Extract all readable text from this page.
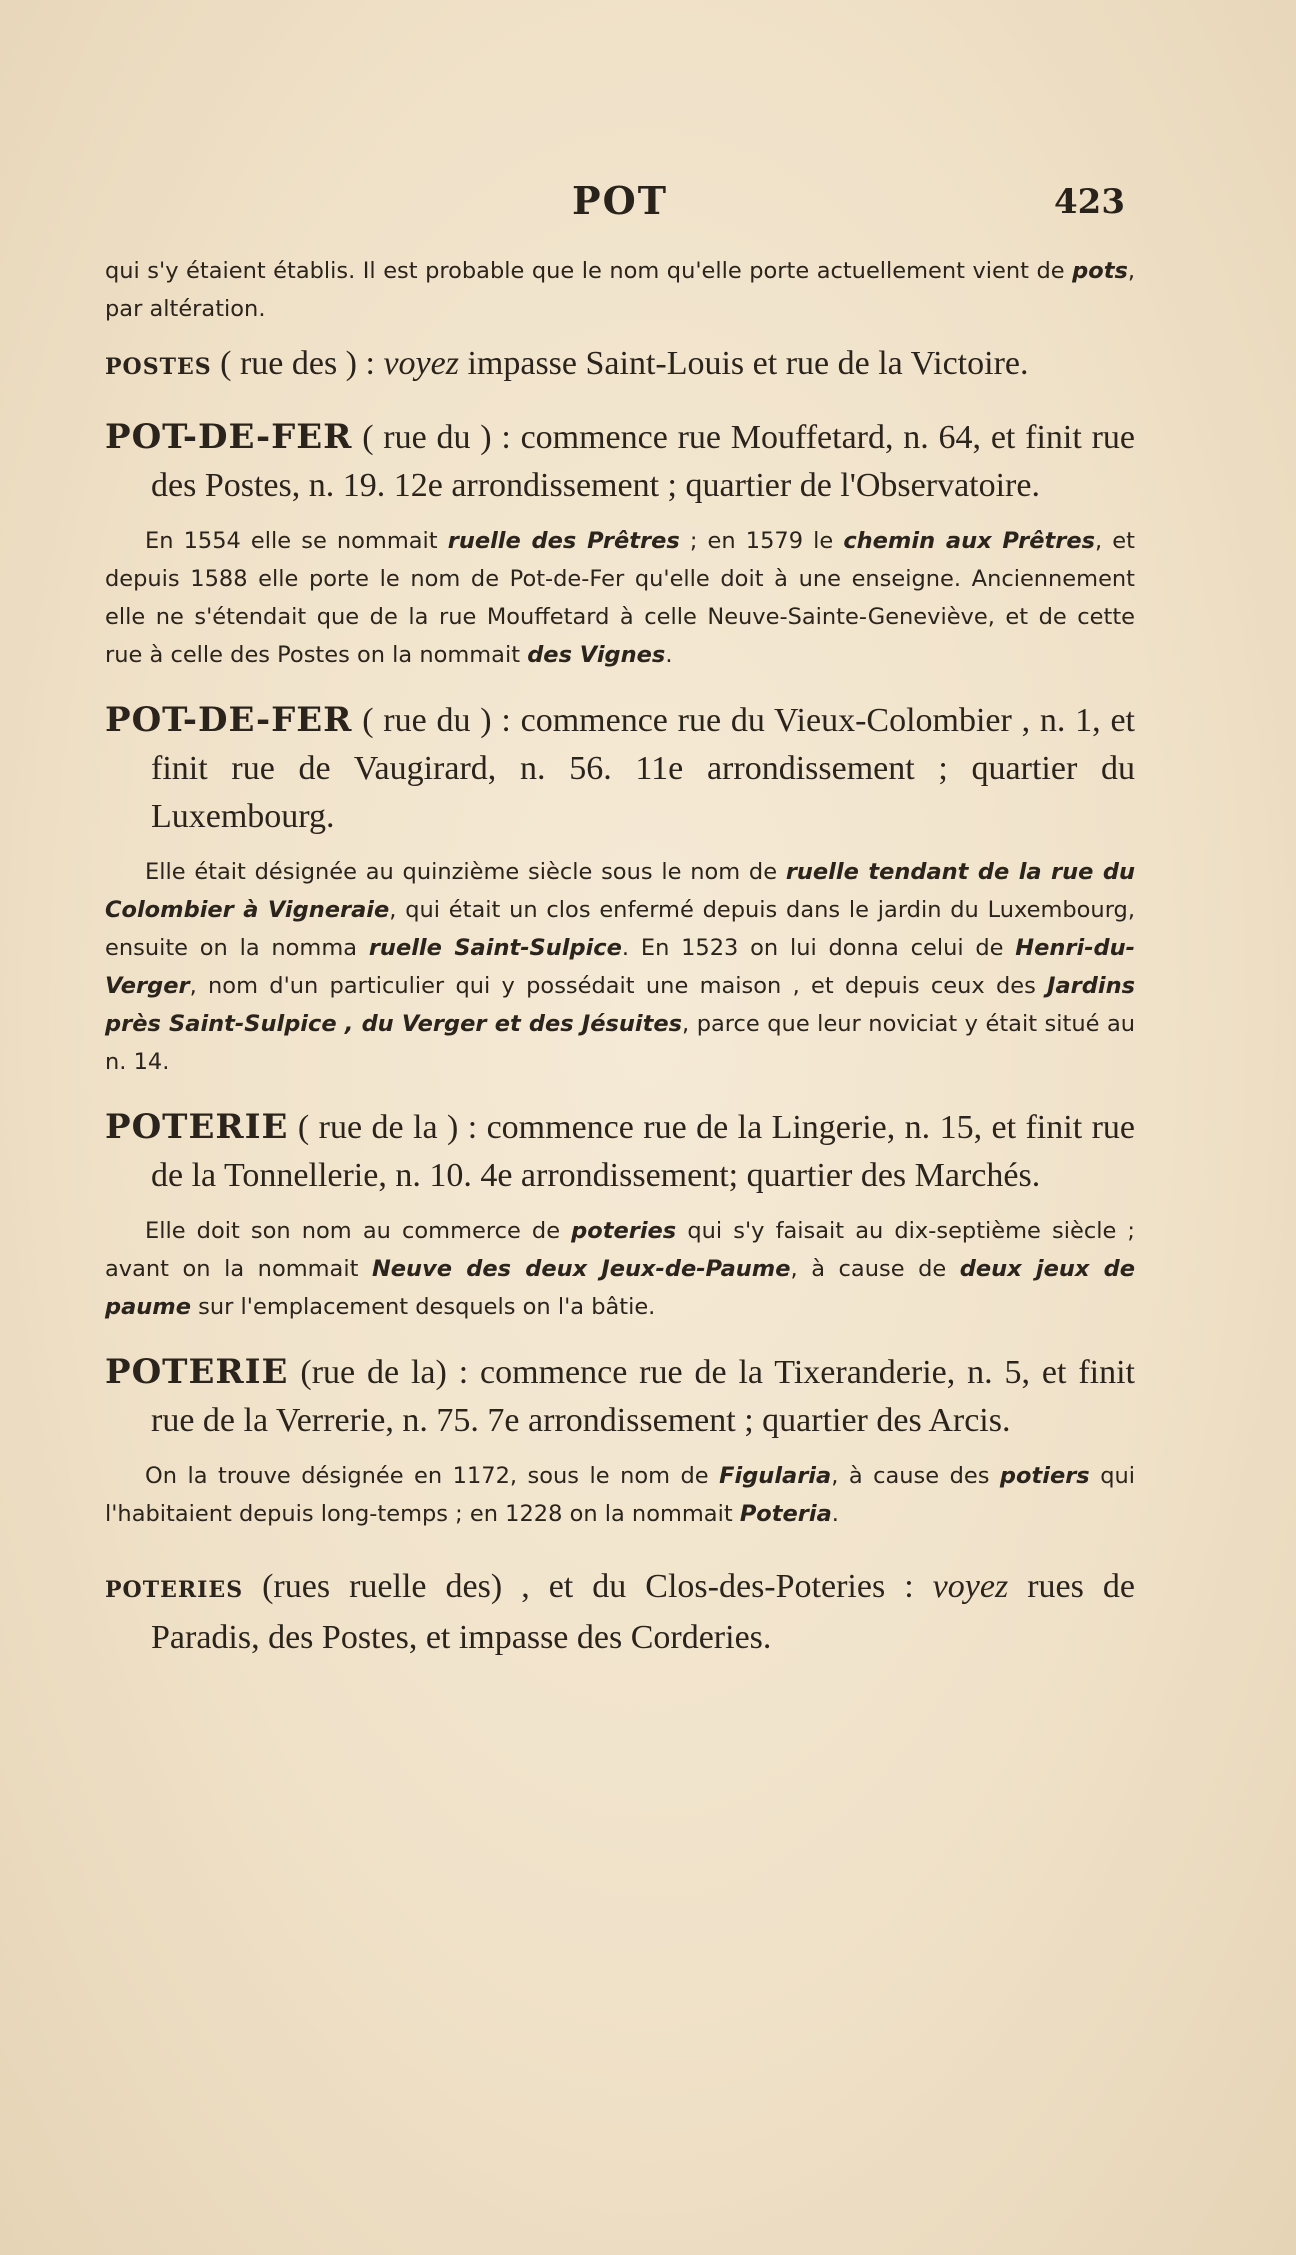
POT	423

qui s'y étaient établis. Il est probable que le nom qu'elle porte actuellement vient de pots, par altération.

POSTES ( rue des ) : voyez impasse Saint-Louis et rue de la Victoire.

POT-DE-FER ( rue du ) : commence rue Mouffetard, n. 64, et finit rue des Postes, n. 19. 12e arrondissement ; quartier de l'Observatoire.

En 1554 elle se nommait ruelle des Prêtres ; en 1579 le chemin aux Prêtres, et depuis 1588 elle porte le nom de Pot-de-Fer qu'elle doit à une enseigne. Anciennement elle ne s'étendait que de la rue Mouffetard à celle Neuve-Sainte-Geneviève, et de cette rue à celle des Postes on la nommait des Vignes.

POT-DE-FER ( rue du ) : commence rue du Vieux-Colombier , n. 1, et finit rue de Vaugirard, n. 56. 11e arrondissement ; quartier du Luxembourg.

Elle était désignée au quinzième siècle sous le nom de ruelle tendant de la rue du Colombier à Vigneraie, qui était un clos enfermé depuis dans le jardin du Luxembourg, ensuite on la nomma ruelle Saint-Sulpice. En 1523 on lui donna celui de Henri-du-Verger, nom d'un particulier qui y possédait une maison , et depuis ceux des Jardins près Saint-Sulpice , du Verger et des Jésuites, parce que leur noviciat y était situé au n. 14.

POTERIE ( rue de la ) : commence rue de la Lingerie, n. 15, et finit rue de la Tonnellerie, n. 10. 4e arrondissement; quartier des Marchés.

Elle doit son nom au commerce de poteries qui s'y faisait au dix-septième siècle ; avant on la nommait Neuve des deux Jeux-de-Paume, à cause de deux jeux de paume sur l'emplacement desquels on l'a bâtie.

POTERIE (rue de la) : commence rue de la Tixeranderie, n. 5, et finit rue de la Verrerie, n. 75. 7e arrondissement ; quartier des Arcis.

On la trouve désignée en 1172, sous le nom de Figularia, à cause des potiers qui l'habitaient depuis long-temps ; en 1228 on la nommait Poteria.

POTERIES (rues ruelle des) , et du Clos-des-Poteries : voyez rues de Paradis, des Postes, et impasse des Corderies.
